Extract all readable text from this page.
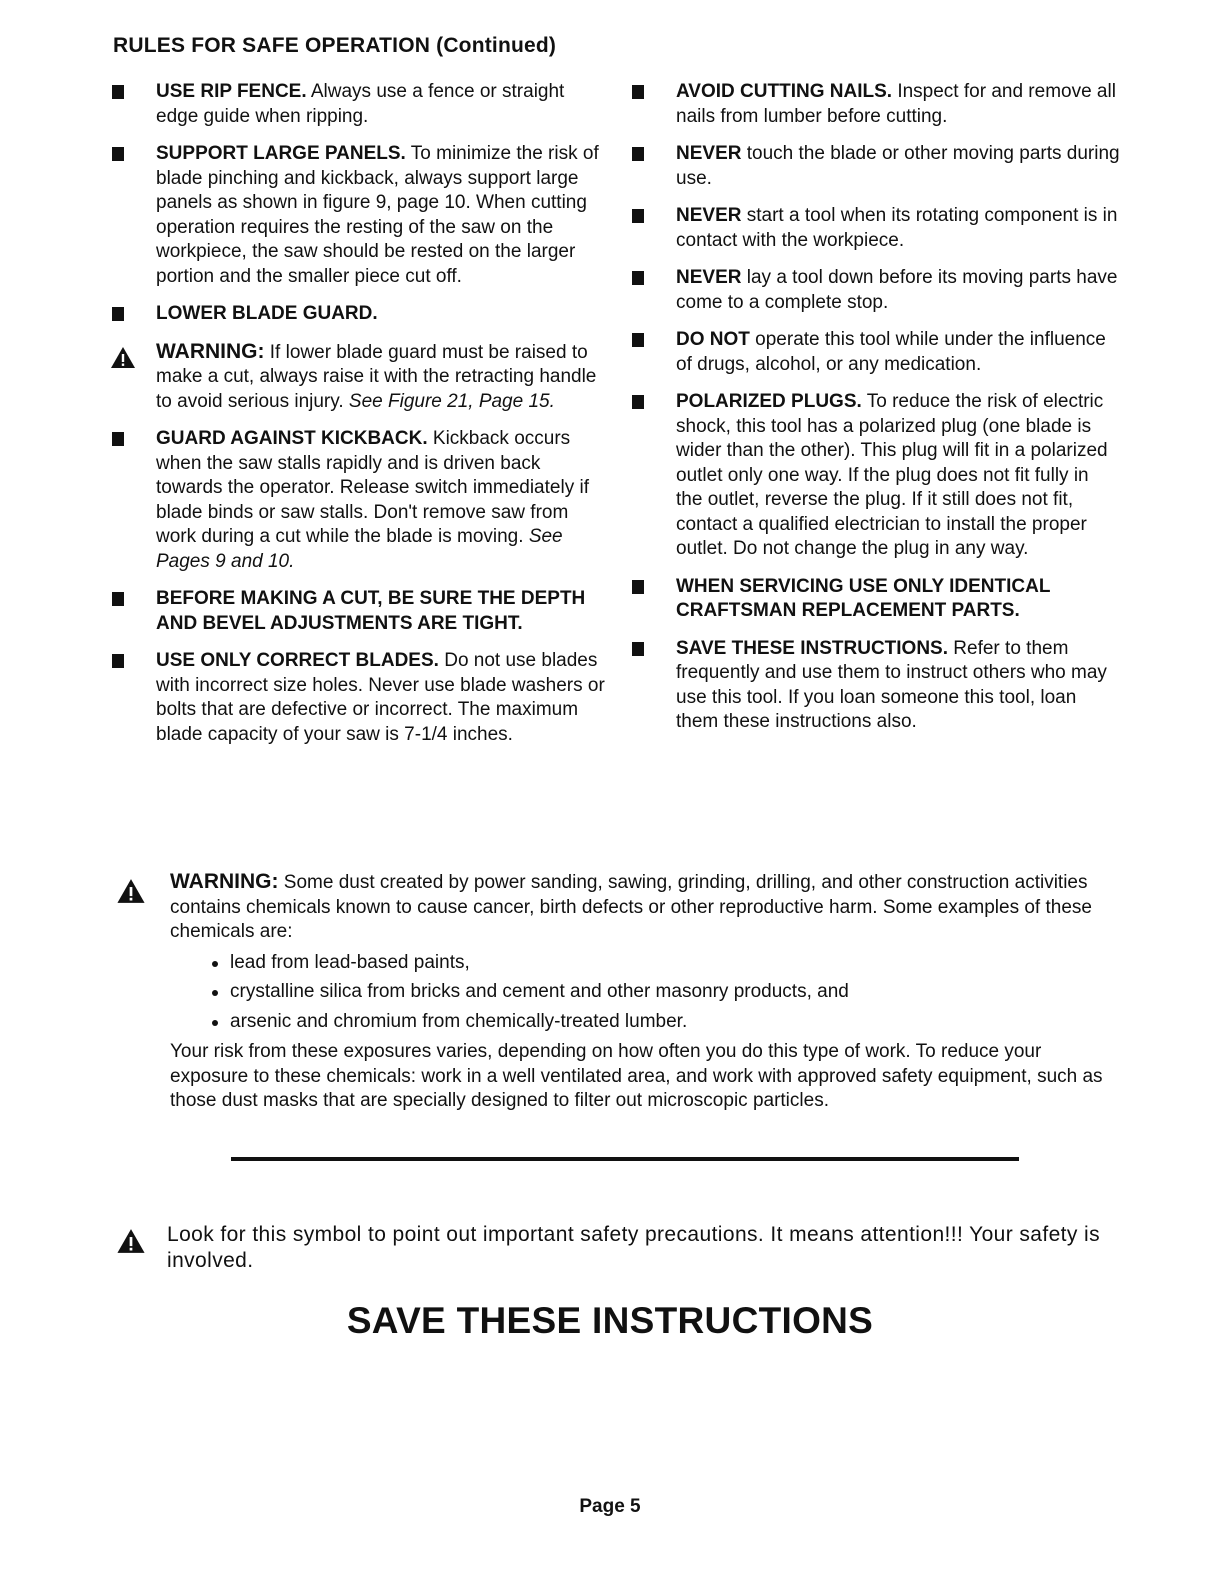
RULES FOR SAFE OPERATION (Continued)
USE RIP FENCE. Always use a fence or straight edge guide when ripping.
SUPPORT LARGE PANELS. To minimize the risk of blade pinching and kickback, always support large panels as shown in figure 9, page 10. When cutting operation requires the resting of the saw on the workpiece, the saw should be rested on the larger portion and the smaller piece cut off.
LOWER BLADE GUARD.
WARNING: If lower blade guard must be raised to make a cut, always raise it with the retracting handle to avoid serious injury. See Figure 21, Page 15.
GUARD AGAINST KICKBACK. Kickback occurs when the saw stalls rapidly and is driven back towards the operator. Release switch immediately if blade binds or saw stalls. Don't remove saw from work during a cut while the blade is moving. See Pages 9 and 10.
BEFORE MAKING A CUT, BE SURE THE DEPTH AND BEVEL ADJUSTMENTS ARE TIGHT.
USE ONLY CORRECT BLADES. Do not use blades with incorrect size holes. Never use blade washers or bolts that are defective or incorrect. The maximum blade capacity of your saw is 7-1/4 inches.
AVOID CUTTING NAILS. Inspect for and remove all nails from lumber before cutting.
NEVER touch the blade or other moving parts during use.
NEVER start a tool when its rotating component is in contact with the workpiece.
NEVER lay a tool down before its moving parts have come to a complete stop.
DO NOT operate this tool while under the influence of drugs, alcohol, or any medication.
POLARIZED PLUGS. To reduce the risk of electric shock, this tool has a polarized plug (one blade is wider than the other). This plug will fit in a polarized outlet only one way. If the plug does not fit fully in the outlet, reverse the plug. If it still does not fit, contact a qualified electrician to install the proper outlet. Do not change the plug in any way.
WHEN SERVICING USE ONLY IDENTICAL CRAFTSMAN REPLACEMENT PARTS.
SAVE THESE INSTRUCTIONS. Refer to them frequently and use them to instruct others who may use this tool. If you loan someone this tool, loan them these instructions also.
WARNING: Some dust created by power sanding, sawing, grinding, drilling, and other construction activities contains chemicals known to cause cancer, birth defects or other reproductive harm. Some examples of these chemicals are:
lead from lead-based paints,
crystalline silica from bricks and cement and other masonry products, and
arsenic and chromium from chemically-treated lumber.
Your risk from these exposures varies, depending on how often you do this type of work. To reduce your exposure to these chemicals: work in a well ventilated area, and work with approved safety equipment, such as those dust masks that are specially designed to filter out microscopic particles.
Look for this symbol to point out important safety precautions. It means attention!!! Your safety is involved.
SAVE THESE INSTRUCTIONS
Page 5
